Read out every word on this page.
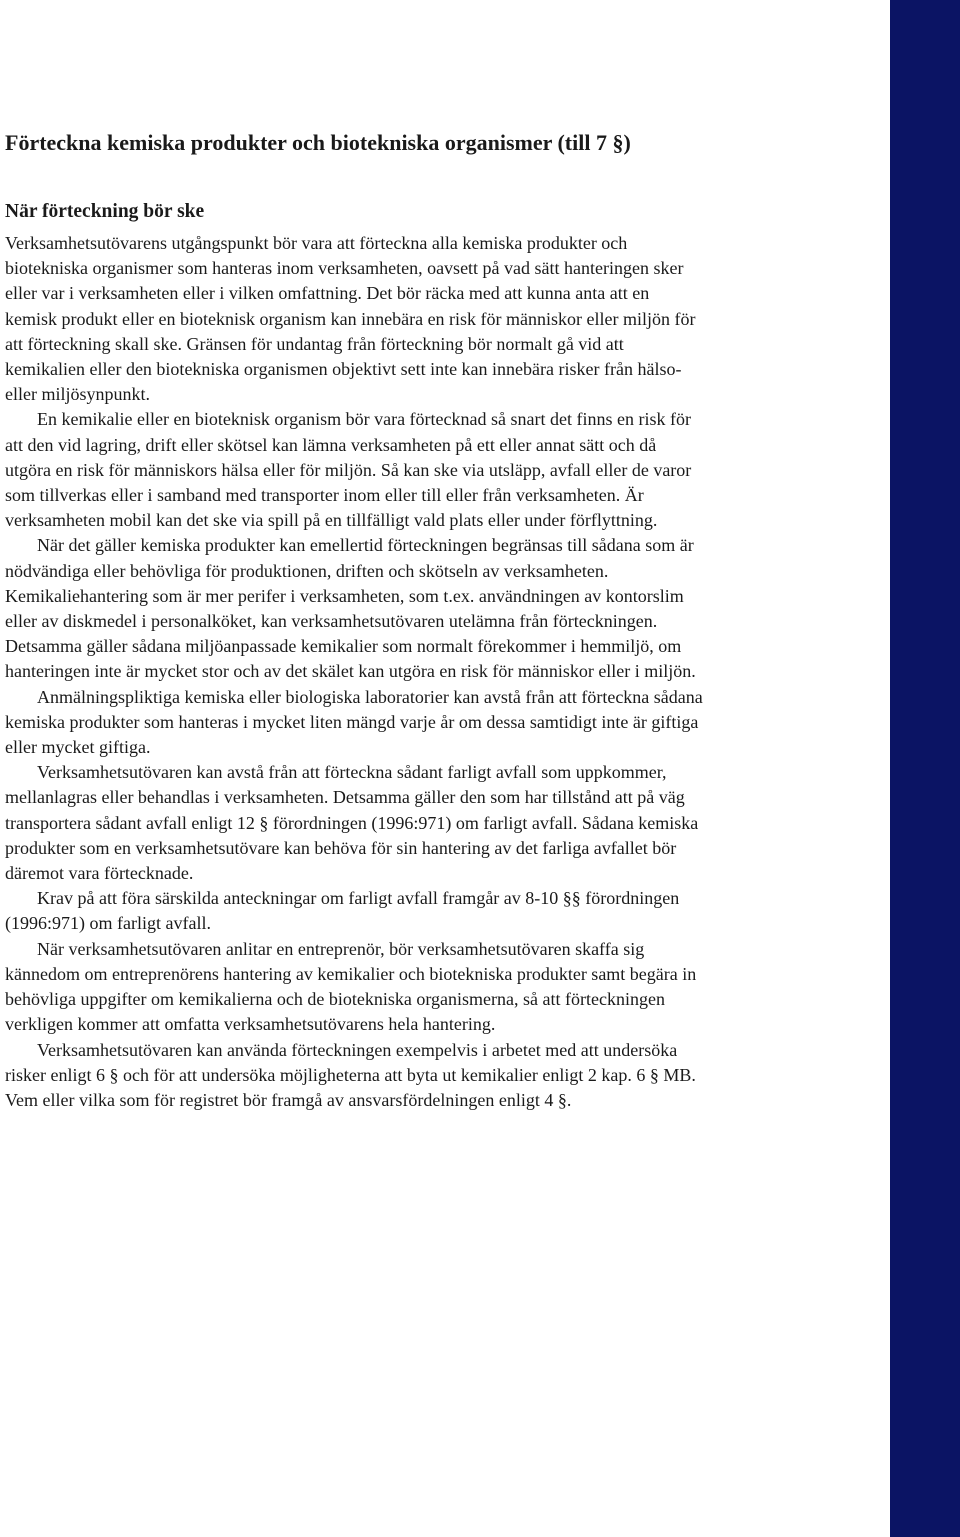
Förteckna kemiska produkter och biotekniska organismer (till 7 §)
När förteckning bör ske

Verksamhetsutövarens utgångspunkt bör vara att förteckna alla kemiska produkter och biotekniska organismer som hanteras inom verksamheten, oavsett på vad sätt hanteringen sker eller var i verksamheten eller i vilken omfattning. Det bör räcka med att kunna anta att en kemisk produkt eller en bioteknisk organism kan innebära en risk för människor eller miljön för att förteckning skall ske. Gränsen för undantag från förteckning bör normalt gå vid att kemikalien eller den biotekniska organismen objektivt sett inte kan innebära risker från hälso- eller miljösynpunkt.

En kemikalie eller en bioteknisk organism bör vara förtecknad så snart det finns en risk för att den vid lagring, drift eller skötsel kan lämna verksamheten på ett eller annat sätt och då utgöra en risk för människors hälsa eller för miljön. Så kan ske via utsläpp, avfall eller de varor som tillverkas eller i samband med transporter inom eller till eller från verksamheten. Är verksamheten mobil kan det ske via spill på en tillfälligt vald plats eller under förflyttning.

När det gäller kemiska produkter kan emellertid förteckningen begränsas till sådana som är nödvändiga eller behövliga för produktionen, driften och skötseln av verksamheten. Kemikaliehantering som är mer perifer i verksamheten, som t.ex. användningen av kontorslim eller av diskmedel i personalköket, kan verksamhetsutövaren utelämna från förteckningen. Detsamma gäller sådana miljöanpassade kemikalier som normalt förekommer i hemmiljö, om hanteringen inte är mycket stor och av det skälet kan utgöra en risk för människor eller i miljön.

Anmälningspliktiga kemiska eller biologiska laboratorier kan avstå från att förteckna sådana kemiska produkter som hanteras i mycket liten mängd varje år om dessa samtidigt inte är giftiga eller mycket giftiga.

Verksamhetsutövaren kan avstå från att förteckna sådant farligt avfall som uppkommer, mellanlagras eller behandlas i verksamheten. Detsamma gäller den som har tillstånd att på väg transportera sådant avfall enligt 12 § förordningen (1996:971) om farligt avfall. Sådana kemiska produkter som en verksamhetsutövare kan behöva för sin hantering av det farliga avfallet bör däremot vara förtecknade.

Krav på att föra särskilda anteckningar om farligt avfall framgår av 8-10 §§ förordningen (1996:971) om farligt avfall.

När verksamhetsutövaren anlitar en entreprenör, bör verksamhetsutövaren skaffa sig kännedom om entreprenörens hantering av kemikalier och biotekniska produkter samt begära in behövliga uppgifter om kemikalierna och de biotekniska organismerna, så att förteckningen verkligen kommer att omfatta verksamhetsutövarens hela hantering.

Verksamhetsutövaren kan använda förteckningen exempelvis i arbetet med att undersöka risker enligt 6 § och för att undersöka möjligheterna att byta ut kemikalier enligt 2 kap. 6 § MB. Vem eller vilka som för registret bör framgå av ansvarsfördelningen enligt 4 §.
